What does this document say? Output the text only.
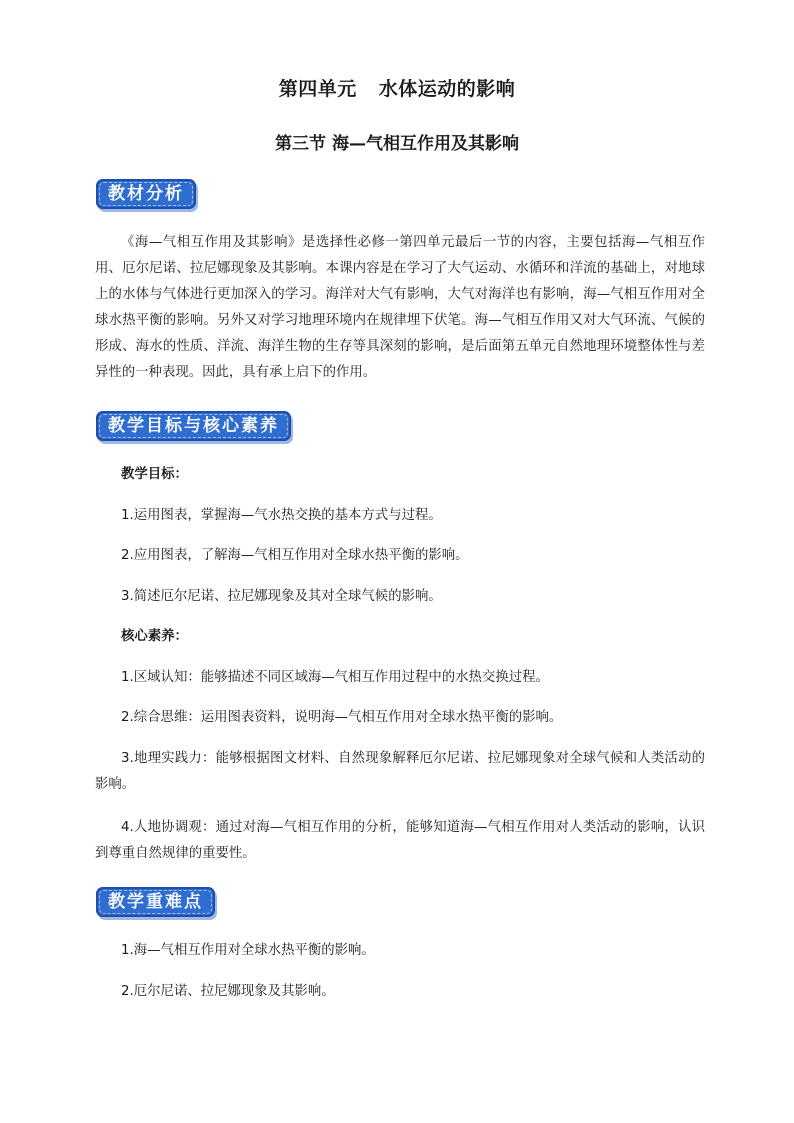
第四单元 水体运动的影响
第三节 海—气相互作用及其影响
教材分析
《海—气相互作用及其影响》是选择性必修一第四单元最后一节的内容，主要包括海—气相互作用、厄尔尼诺、拉尼娜现象及其影响。本课内容是在学习了大气运动、水循环和洋流的基础上，对地球上的水体与气体进行更加深入的学习。海洋对大气有影响，大气对海洋也有影响，海—气相互作用对全球水热平衡的影响。另外又对学习地理环境内在规律埋下伏笔。海—气相互作用又对大气环流、气候的形成、海水的性质、洋流、海洋生物的生存等具深刻的影响，是后面第五单元自然地理环境整体性与差异性的一种表现。因此，具有承上启下的作用。
教学目标与核心素养
教学目标：
1.运用图表，掌握海—气水热交换的基本方式与过程。
2.应用图表，了解海—气相互作用对全球水热平衡的影响。
3.简述厄尔尼诺、拉尼娜现象及其对全球气候的影响。
核心素养：
1.区域认知：能够描述不同区域海—气相互作用过程中的水热交换过程。
2.综合思维：运用图表资料，说明海—气相互作用对全球水热平衡的影响。
3.地理实践力：能够根据图文材料、自然现象解释厄尔尼诺、拉尼娜现象对全球气候和人类活动的影响。
4.人地协调观：通过对海—气相互作用的分析，能够知道海—气相互作用对人类活动的影响，认识到尊重自然规律的重要性。
教学重难点
1.海—气相互作用对全球水热平衡的影响。
2.厄尔尼诺、拉尼娜现象及其影响。
